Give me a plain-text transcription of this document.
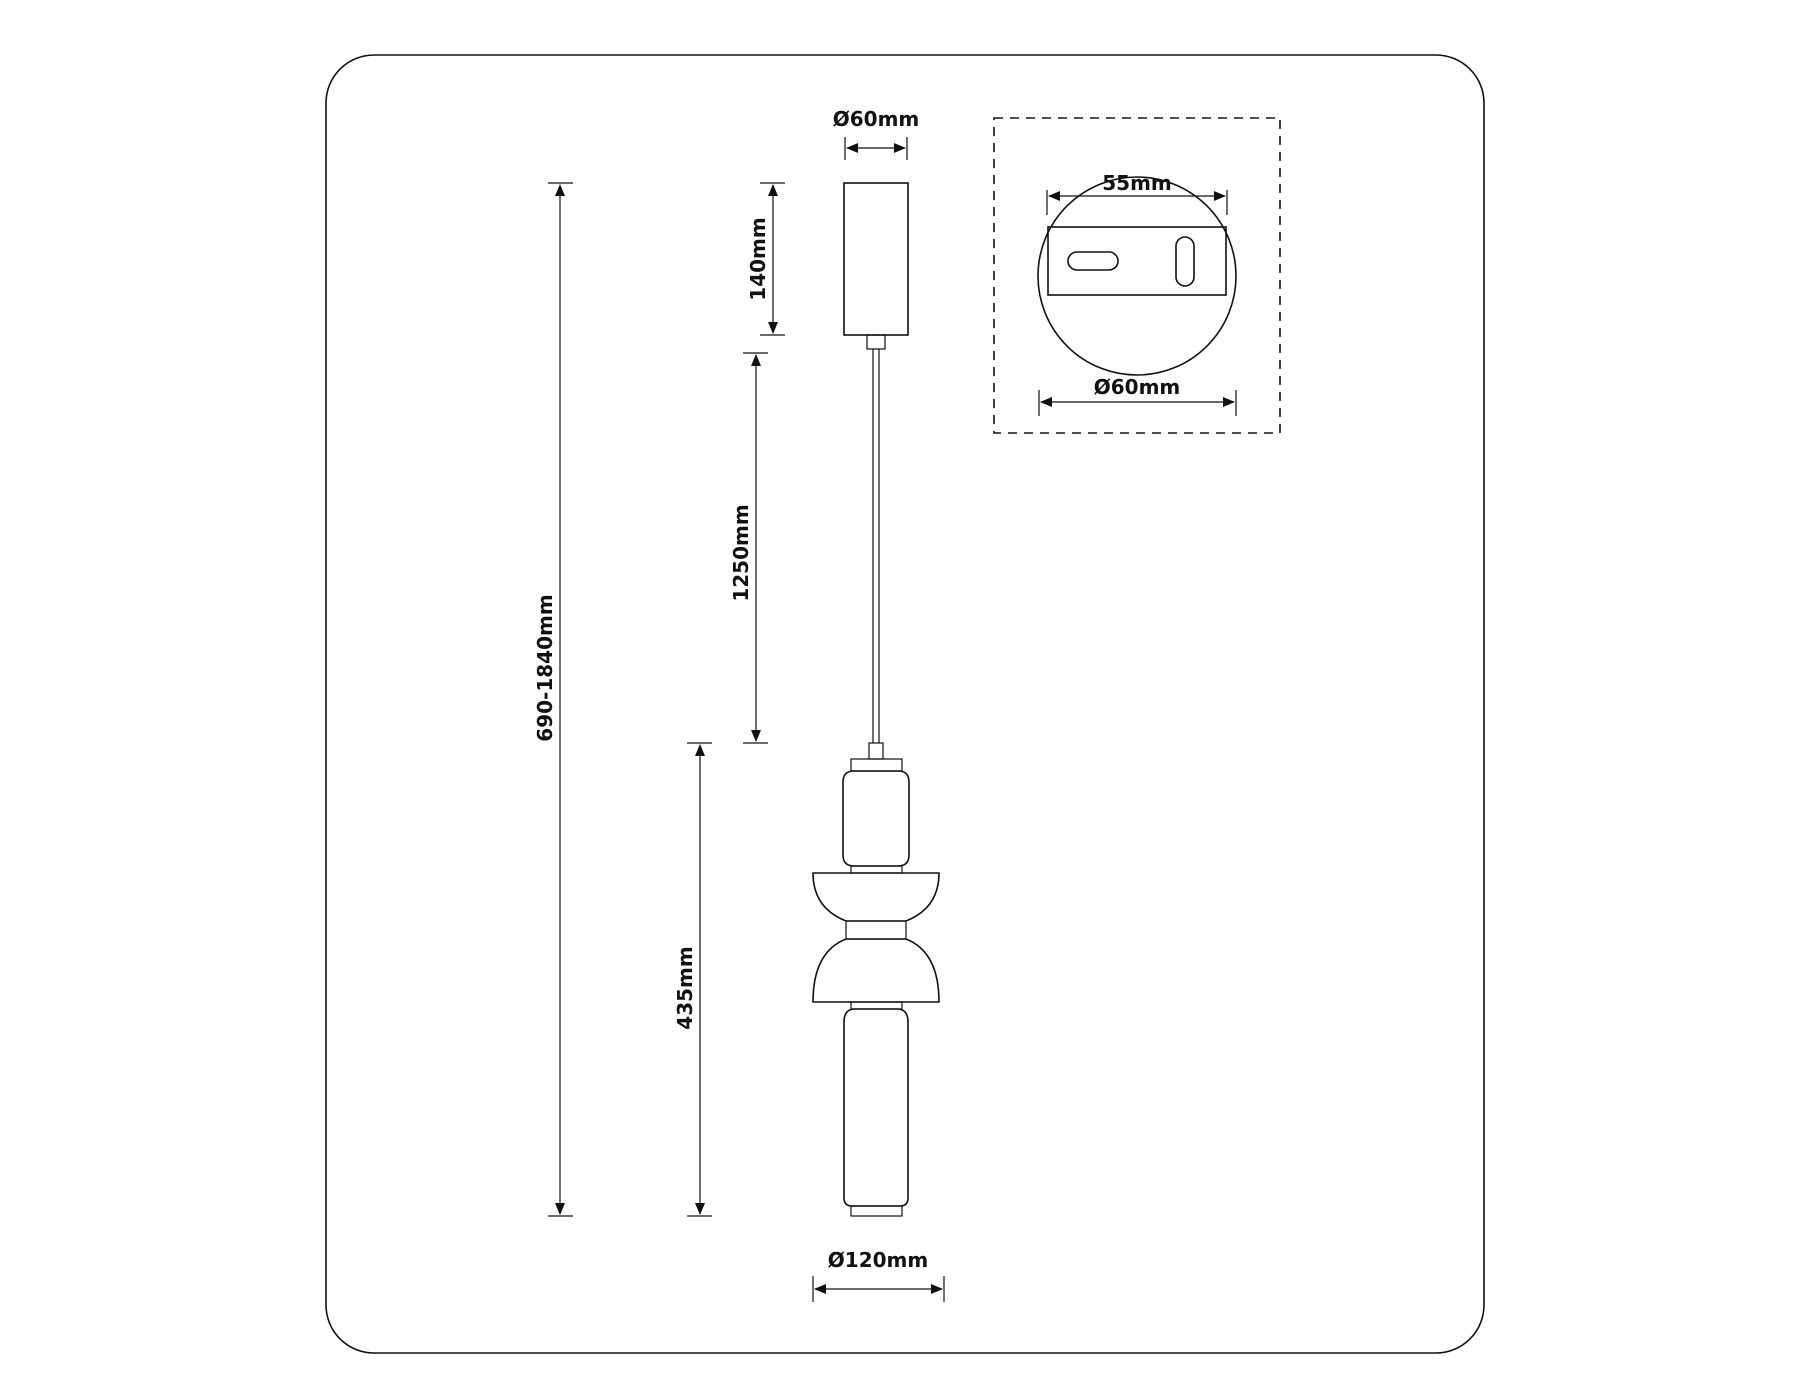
Ø60mm
140mm
1250mm
690-1840mm
435mm
Ø120mm
55mm
Ø60mm
